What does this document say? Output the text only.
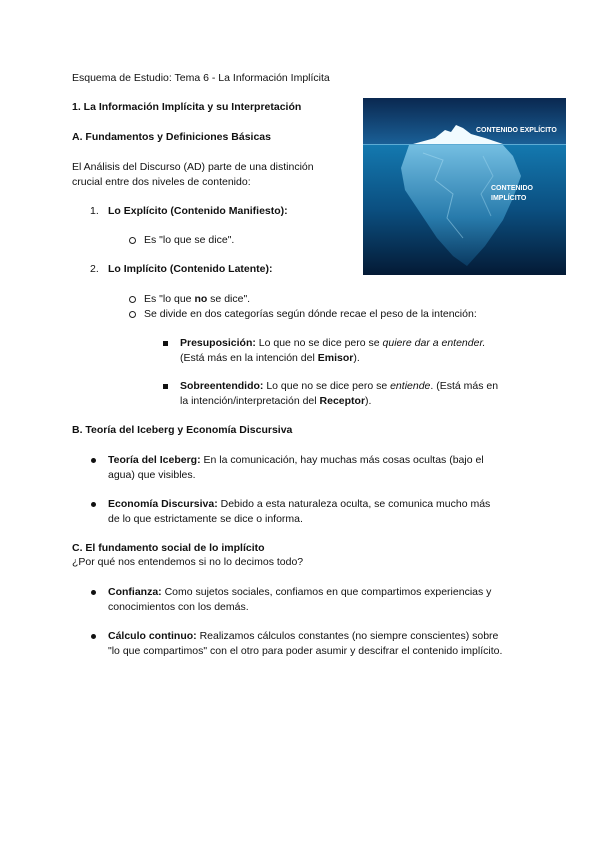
Esquema de Estudio: Tema 6 - La Información Implícita
1. La Información Implícita y su Interpretación
A. Fundamentos y Definiciones Básicas
El Análisis del Discurso (AD) parte de una distinción
crucial entre dos niveles de contenido:
1. Lo Explícito (Contenido Manifiesto):
Es "lo que se dice".
2. Lo Implícito (Contenido Latente):
Es "lo que no se dice".
Se divide en dos categorías según dónde recae el peso de la intención:
Presuposición: Lo que no se dice pero se quiere dar a entender.
(Está más en la intención del Emisor).
Sobreentendido: Lo que no se dice pero se entiende. (Está más en
la intención/interpretación del Receptor).
B. Teoría del Iceberg y Economía Discursiva
Teoría del Iceberg: En la comunicación, hay muchas más cosas ocultas (bajo el
agua) que visibles.
Economía Discursiva: Debido a esta naturaleza oculta, se comunica mucho más
de lo que estrictamente se dice o informa.
C. El fundamento social de lo implícito
¿Por qué nos entendemos si no lo decimos todo?
Confianza: Como sujetos sociales, confiamos en que compartimos experiencias y
conocimientos con los demás.
Cálculo continuo: Realizamos cálculos constantes (no siempre conscientes) sobre
"lo que compartimos" con el otro para poder asumir y descifrar el contenido implícito.
CONTENIDO EXPLÍCITO
CONTENIDO
IMPLÍCITO
